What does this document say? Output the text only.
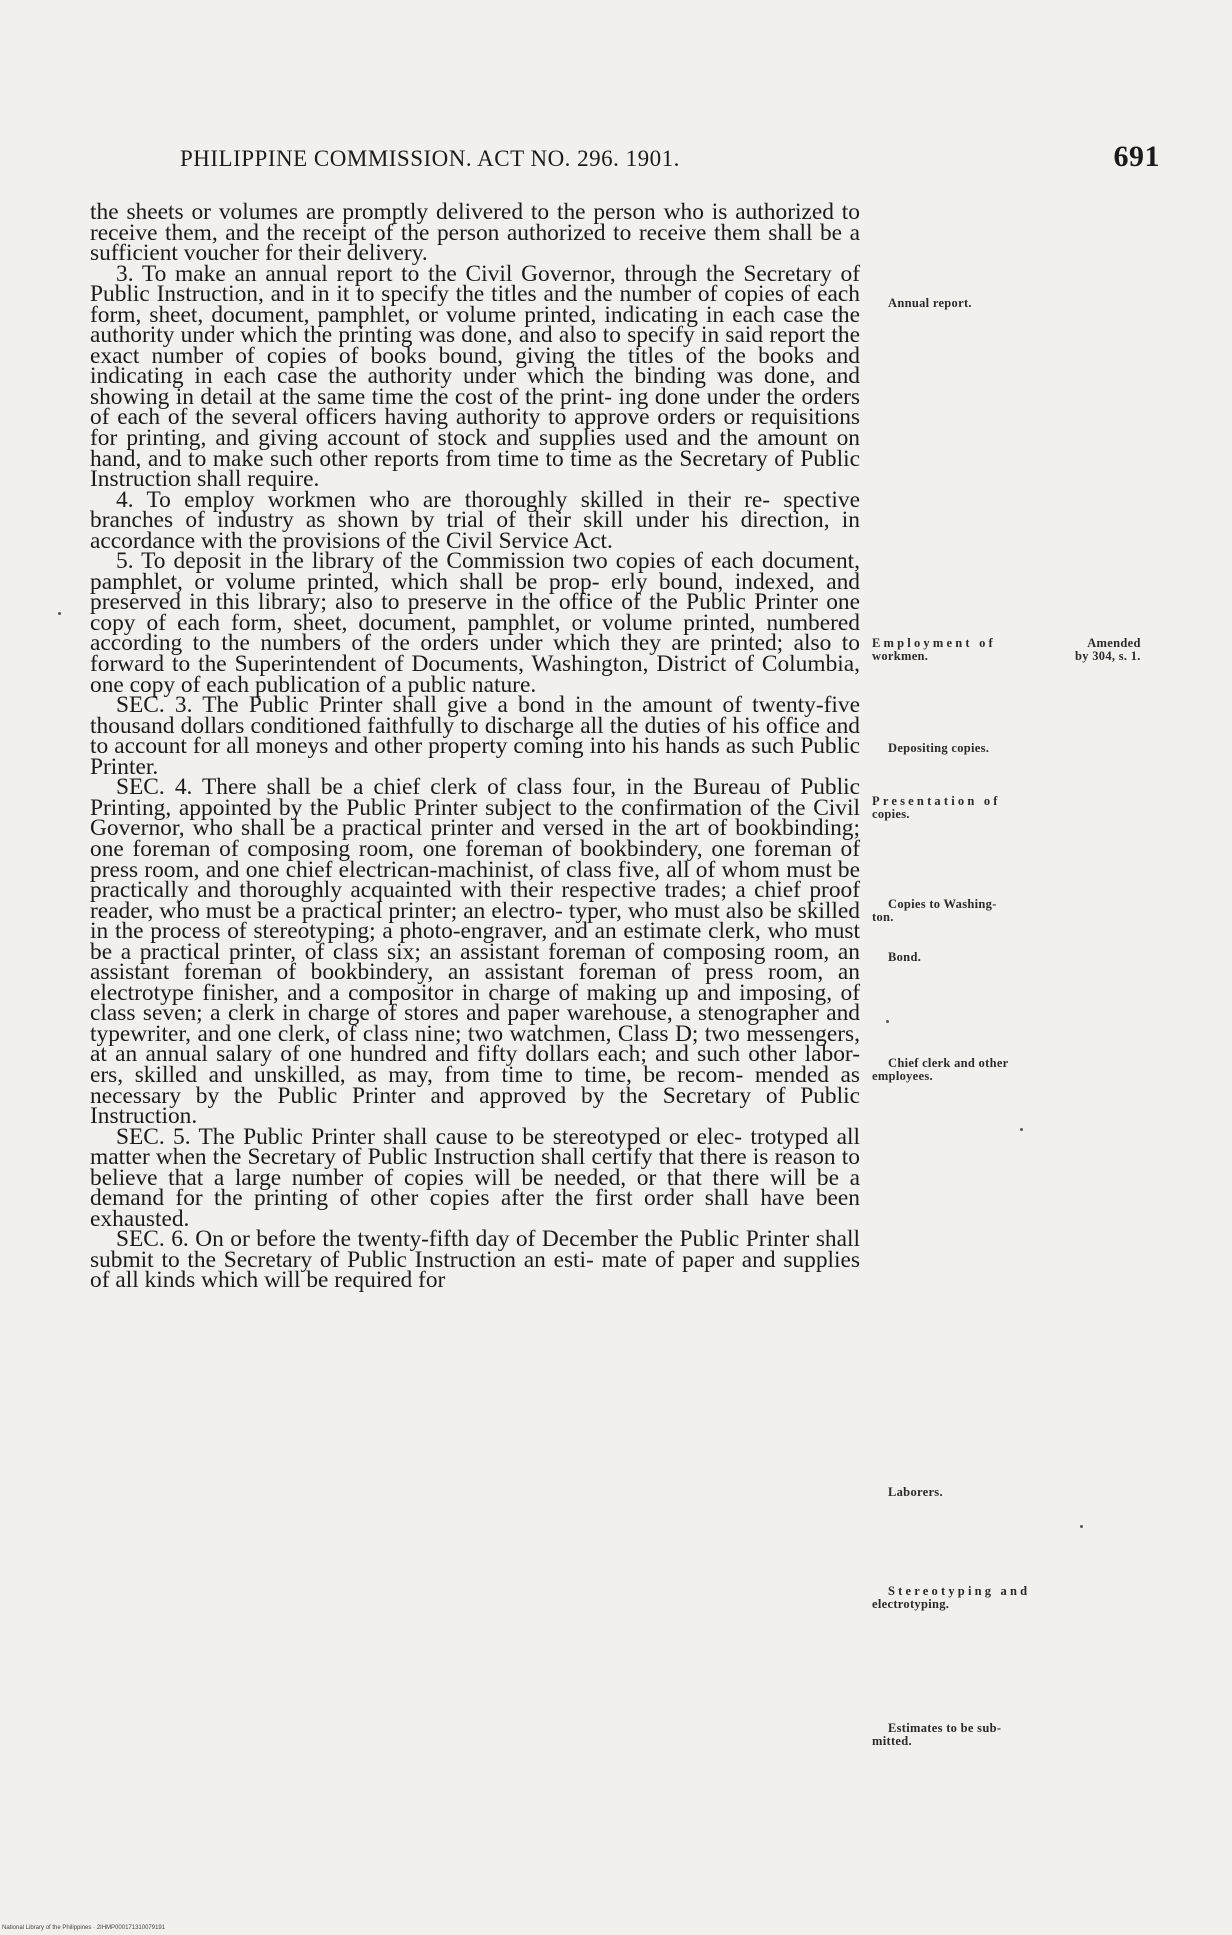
PHILIPPINE COMMISSION. ACT NO. 296. 1901.	691
the sheets or volumes are promptly delivered to the person who is authorized to receive them, and the receipt of the person authorized to receive them shall be a sufficient voucher for their delivery.
3. To make an annual report to the Civil Governor, through the Secretary of Public Instruction, and in it to specify the titles and the number of copies of each form, sheet, document, pamphlet, or volume printed, indicating in each case the authority under which the printing was done, and also to specify in said report the exact number of copies of books bound, giving the titles of the books and indicating in each case the authority under which the binding was done, and showing in detail at the same time the cost of the print- ing done under the orders of each of the several officers having authority to approve orders or requisitions for printing, and giving account of stock and supplies used and the amount on hand, and to make such other reports from time to time as the Secretary of Public Instruction shall require.
4. To employ workmen who are thoroughly skilled in their re- spective branches of industry as shown by trial of their skill under his direction, in accordance with the provisions of the Civil Service Act.
5. To deposit in the library of the Commission two copies of each document, pamphlet, or volume printed, which shall be prop- erly bound, indexed, and preserved in this library; also to preserve in the office of the Public Printer one copy of each form, sheet, document, pamphlet, or volume printed, numbered according to the numbers of the orders under which they are printed; also to forward to the Superintendent of Documents, Washington, District of Columbia, one copy of each publication of a public nature.
SEC. 3. The Public Printer shall give a bond in the amount of twenty-five thousand dollars conditioned faithfully to discharge all the duties of his office and to account for all moneys and other property coming into his hands as such Public Printer.
SEC. 4. There shall be a chief clerk of class four, in the Bureau of Public Printing, appointed by the Public Printer subject to the confirmation of the Civil Governor, who shall be a practical printer and versed in the art of bookbinding; one foreman of composing room, one foreman of bookbindery, one foreman of press room, and one chief electrican-machinist, of class five, all of whom must be practically and thoroughly acquainted with their respective trades; a chief proof reader, who must be a practical printer; an electro- typer, who must also be skilled in the process of stereotyping; a photo-engraver, and an estimate clerk, who must be a practical printer, of class six; an assistant foreman of composing room, an assistant foreman of bookbindery, an assistant foreman of press room, an electrotype finisher, and a compositor in charge of making up and imposing, of class seven; a clerk in charge of stores and paper warehouse, a stenographer and typewriter, and one clerk, of class nine; two watchmen, Class D; two messengers, at an annual salary of one hundred and fifty dollars each; and such other labor- ers, skilled and unskilled, as may, from time to time, be recom- mended as necessary by the Public Printer and approved by the Secretary of Public Instruction.
SEC. 5. The Public Printer shall cause to be stereotyped or elec- trotyped all matter when the Secretary of Public Instruction shall certify that there is reason to believe that a large number of copies will be needed, or that there will be a demand for the printing of other copies after the first order shall have been exhausted.
SEC. 6. On or before the twenty-fifth day of December the Public Printer shall submit to the Secretary of Public Instruction an esti- mate of paper and supplies of all kinds which will be required for
Annual report.
Employment of
workmen.
Amended
by 304, s. 1.
Depositing copies.
Presentation of
copies.
Copies to Washing-
ton.
Bond.
Chief clerk and other
employees.
Laborers.
Stereotyping and
electrotyping.
Estimates to be sub-
mitted.
National Library of the Philippines · 2IHMP000171310079191
